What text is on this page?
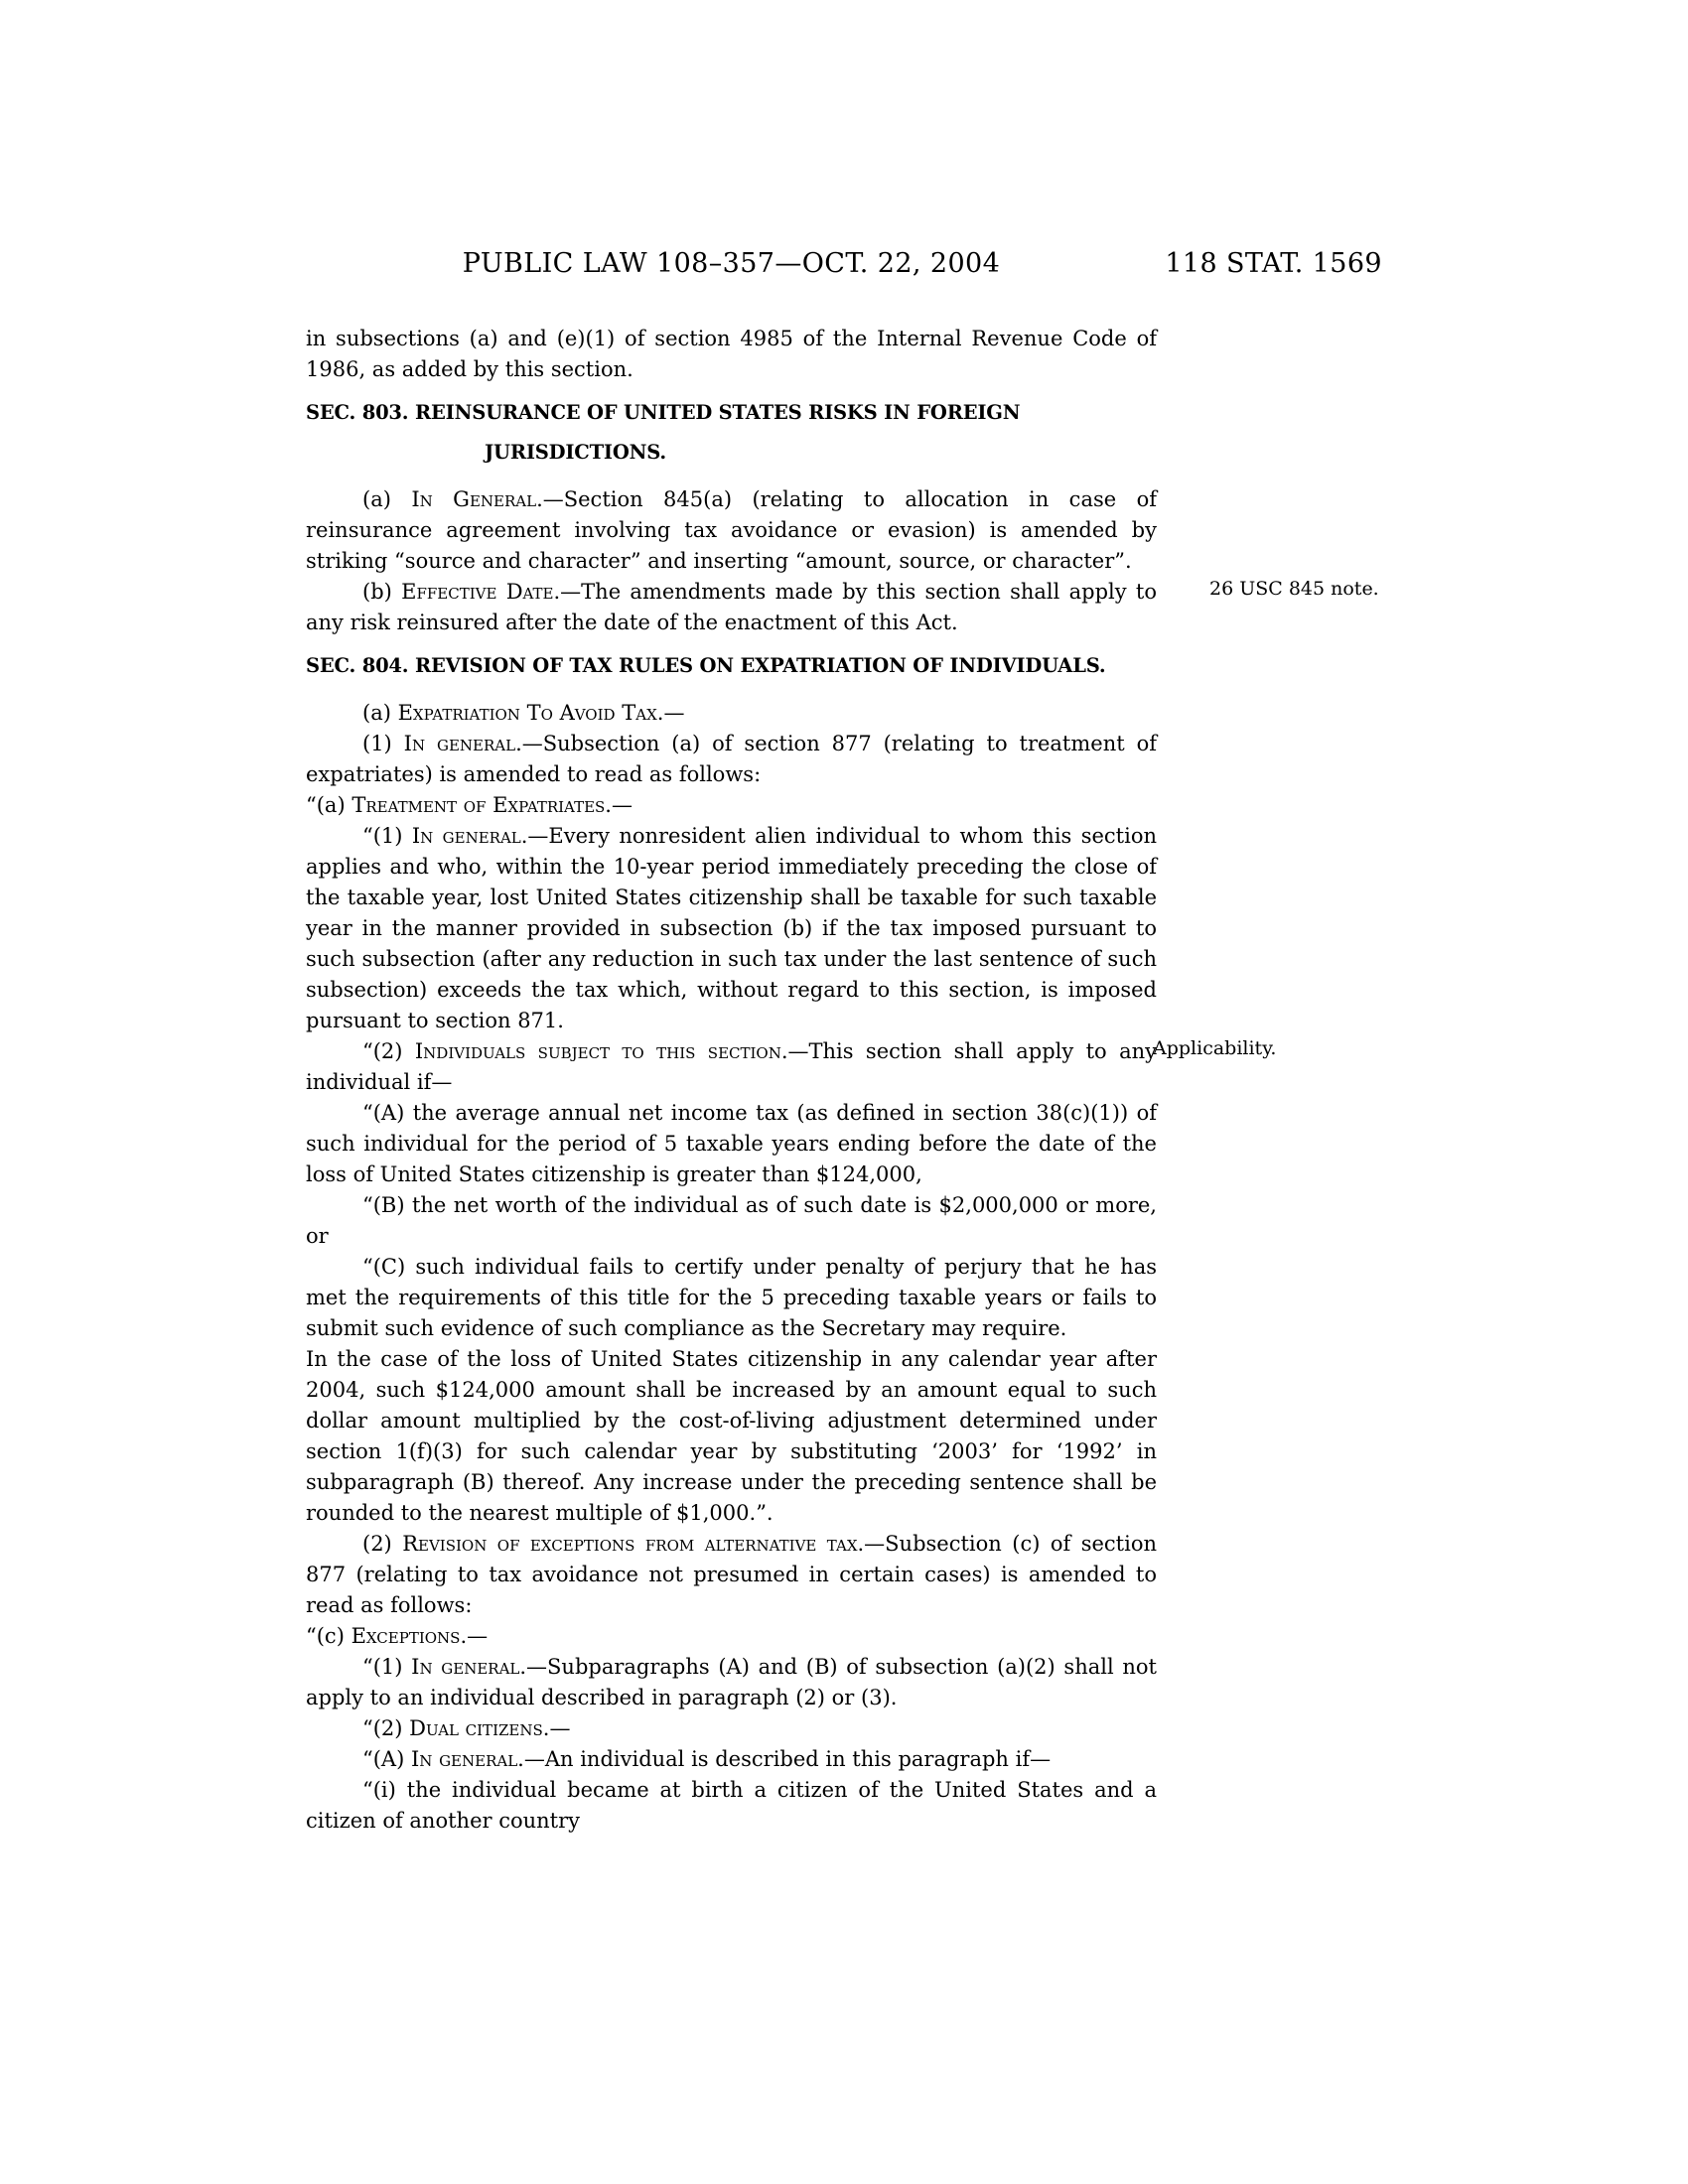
PUBLIC LAW 108–357—OCT. 22, 2004	118 STAT. 1569

in subsections (a) and (e)(1) of section 4985 of the Internal Revenue Code of 1986, as added by this section.

SEC. 803. REINSURANCE OF UNITED STATES RISKS IN FOREIGN JURISDICTIONS.

(a) In General.—Section 845(a) (relating to allocation in case of reinsurance agreement involving tax avoidance or evasion) is amended by striking “source and character” and inserting “amount, source, or character”.

(b) Effective Date.—The amendments made by this section shall apply to any risk reinsured after the date of the enactment of this Act.
26 USC 845 note.

SEC. 804. REVISION OF TAX RULES ON EXPATRIATION OF INDIVIDUALS.

(a) Expatriation To Avoid Tax.—

(1) In general.—Subsection (a) of section 877 (relating to treatment of expatriates) is amended to read as follows:

“(a) Treatment of Expatriates.—

“(1) In general.—Every nonresident alien individual to whom this section applies and who, within the 10-year period immediately preceding the close of the taxable year, lost United States citizenship shall be taxable for such taxable year in the manner provided in subsection (b) if the tax imposed pursuant to such subsection (after any reduction in such tax under the last sentence of such subsection) exceeds the tax which, without regard to this section, is imposed pursuant to section 871.

“(2) Individuals subject to this section.—This section shall apply to any individual if—
Applicability.

“(A) the average annual net income tax (as defined in section 38(c)(1)) of such individual for the period of 5 taxable years ending before the date of the loss of United States citizenship is greater than $124,000,

“(B) the net worth of the individual as of such date is $2,000,000 or more, or

“(C) such individual fails to certify under penalty of perjury that he has met the requirements of this title for the 5 preceding taxable years or fails to submit such evidence of such compliance as the Secretary may require.

In the case of the loss of United States citizenship in any calendar year after 2004, such $124,000 amount shall be increased by an amount equal to such dollar amount multiplied by the cost-of-living adjustment determined under section 1(f)(3) for such calendar year by substituting ‘2003’ for ‘1992’ in subparagraph (B) thereof. Any increase under the preceding sentence shall be rounded to the nearest multiple of $1,000.”.

(2) Revision of exceptions from alternative tax.—Subsection (c) of section 877 (relating to tax avoidance not presumed in certain cases) is amended to read as follows:

“(c) Exceptions.—

“(1) In general.—Subparagraphs (A) and (B) of subsection (a)(2) shall not apply to an individual described in paragraph (2) or (3).

“(2) Dual citizens.—

“(A) In general.—An individual is described in this paragraph if—

“(i) the individual became at birth a citizen of the United States and a citizen of another country
